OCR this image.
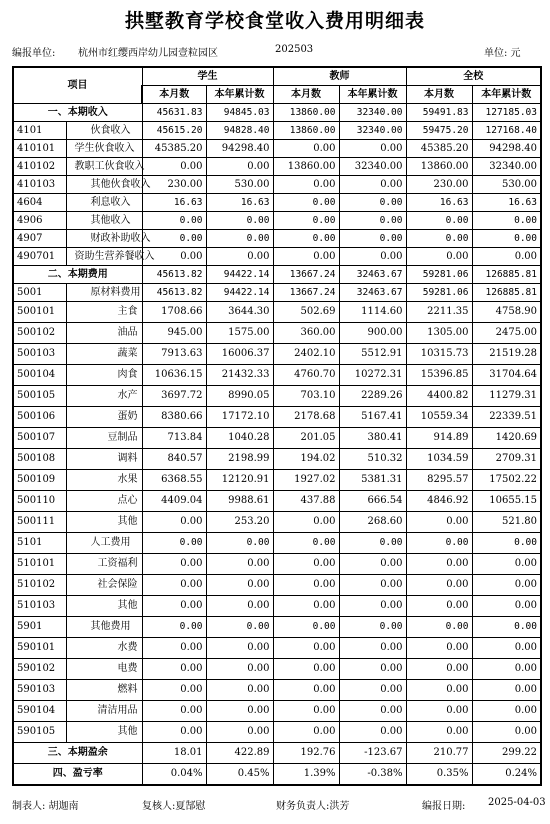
拱墅教育学校食堂收入费用明细表
编报单位: 杭州市红缨西岸幼儿园壹粒园区	202503	单位: 元
项目		学生		教师		全校	
		本月数	本年累计数	本月数	本年累计数	本月数	本年累计数
一、本期收入		45631.83	94845.03	13860.00	32340.00	59491.83	127185.03
4101	伙食收入	45615.20	94828.40	13860.00	32340.00	59475.20	127168.40
410101	学生伙食收入	45385.20	94298.40	0.00	0.00	45385.20	94298.40
410102	教职工伙食收入	0.00	0.00	13860.00	32340.00	13860.00	32340.00
410103	其他伙食收入	230.00	530.00	0.00	0.00	230.00	530.00
4604	利息收入	16.63	16.63	0.00	0.00	16.63	16.63
4906	其他收入	0.00	0.00	0.00	0.00	0.00	0.00
4907	财政补助收入	0.00	0.00	0.00	0.00	0.00	0.00
490701	资助生营养餐收入	0.00	0.00	0.00	0.00	0.00	0.00
二、本期费用		45613.82	94422.14	13667.24	32463.67	59281.06	126885.81
5001	原材料费用	45613.82	94422.14	13667.24	32463.67	59281.06	126885.81
500101	主食	1708.66	3644.30	502.69	1114.60	2211.35	4758.90
500102	油品	945.00	1575.00	360.00	900.00	1305.00	2475.00
500103	蔬菜	7913.63	16006.37	2402.10	5512.91	10315.73	21519.28
500104	肉食	10636.15	21432.33	4760.70	10272.31	15396.85	31704.64
500105	水产	3697.72	8990.05	703.10	2289.26	4400.82	11279.31
500106	蛋奶	8380.66	17172.10	2178.68	5167.41	10559.34	22339.51
500107	豆制品	713.84	1040.28	201.05	380.41	914.89	1420.69
500108	调料	840.57	2198.99	194.02	510.32	1034.59	2709.31
500109	水果	6368.55	12120.91	1927.02	5381.31	8295.57	17502.22
500110	点心	4409.04	9988.61	437.88	666.54	4846.92	10655.15
500111	其他	0.00	253.20	0.00	268.60	0.00	521.80
5101	人工费用	0.00	0.00	0.00	0.00	0.00	0.00
510101	工资福利	0.00	0.00	0.00	0.00	0.00	0.00
510102	社会保险	0.00	0.00	0.00	0.00	0.00	0.00
510103	其他	0.00	0.00	0.00	0.00	0.00	0.00
5901	其他费用	0.00	0.00	0.00	0.00	0.00	0.00
590101	水费	0.00	0.00	0.00	0.00	0.00	0.00
590102	电费	0.00	0.00	0.00	0.00	0.00	0.00
590103	燃料	0.00	0.00	0.00	0.00	0.00	0.00
590104	清洁用品	0.00	0.00	0.00	0.00	0.00	0.00
590105	其他	0.00	0.00	0.00	0.00	0.00	0.00
三、本期盈余		18.01	422.89	192.76	-123.67	210.77	299.22
四、盈亏率		0.04%	0.45%	1.39%	-0.38%	0.35%	0.24%
制表人: 胡迦南	复核人:夏郜慰	财务负责人:洪芳	编报日期: 2025-04-03
